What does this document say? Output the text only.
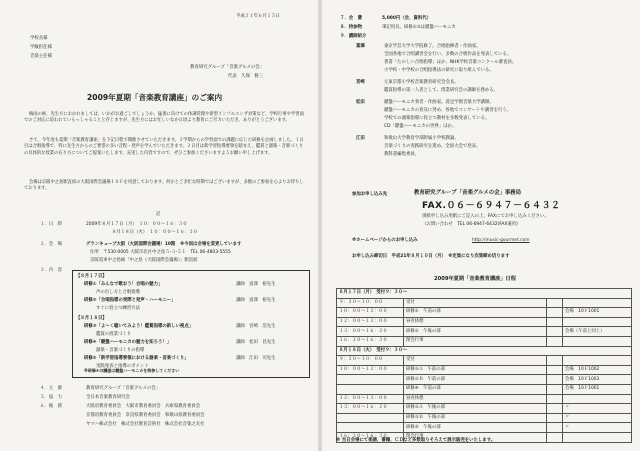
平成２１年６月１５日
学校長様
学級担任様
音楽主任様
教育研究グループ「音楽グルメの会」
代表　久保　修三
2009年夏期「音楽教育講座」のご案内
梅雨の候、先生方におかれましては、いかがお過ごしでしょうか。猛暑に向けての体調管理や新型インフルエンザ対策など、学校行事や学習面でのご対応に追われていらっしゃることと存じますが、先生方にはお忙しいなか日頃より教育にご尽力いただき、ありがとうございます。
さて、今年度も夏期「音楽教育講座」を下記日程で開催させていただきます。２学期からの学習面での課題に応じた研修を企画しました。１日目は合唱指導で、特に先生方からのご要望の多い音程・発声を学んでいただきます。２日目は新学習指導要領を踏まえ、鑑賞と器楽・音楽づくりの具体的な授業の在り方についてご提案いたします。充実した内容ですので、ぜひご参加くださいますようお願い申し上げます。
会場は京阪中之島駅直結の大阪国際会議場１０Ｆを用意しております。何かとご多忙な時期ではございますが、多数のご参加を心よりお待ちしております。
記
１．日　時	2009年８月１７日（月）　１０：００～１６：３０
８月１８日（火）　１０：００～１６：３０
２．会　場	グランキューブ大阪（大阪国際会議場）10階 ※今回は会場を変更しています
住所　〒530-0005 大阪市北区中之島５-３-５１　TEL 06-4803-5555
京阪電車中之島線「中之島（大阪国際会議場）」駅直結
３．内　容
【８月１７日】
研修①「みんなで歌おう！合唱の魅力」
声の出し方と合唱指導
講師　富澤　裕先生
研修②「合唱指導の実際と発声・ハーモニー」
すぐに役立つ練習方法
講師　富澤　裕先生
【８月１８日】
研修③「よ～く聴いてみよう！鑑賞指導の新しい視点」
鑑賞の授業づくり
講師　宮崎　浩先生
研修④「鍵盤ハーモニカの魅力を知ろう！」
器楽・音楽づくりの指導
講師　松田　昌先生
研修⑤「新学習指導要領における器楽・音楽づくり」	講師　江田　司先生
実践発表と指導のポイント
※研修④の講座は鍵盤ハーモニカを持参してください
４．主　催	教育研究グループ「音楽グルメの会」
５．協　力	全日本音楽教育研究会
６．後　援	大阪府教育委員会　大阪市教育委員会　兵庫県教育委員会
京都府教育委員会　奈良県教育委員会　和歌山県教育委員会
ヤマハ株式会社　株式会社教育芸術社　株式会社音楽之友社
７．会　費	5,000円（会、資料代）
８．持参物	筆記用具、研修②③は鍵盤ハーモニカ
９．講師紹介
富澤	東京学芸大学大学院修了。合唱指揮者・作曲家。
全国各地で合唱講習会を行い、多数の合唱作品を発表している。
著書「たのしい合唱指導」ほか、NHK学校音楽コンクール審査員。
小学校・中学校の合唱指導法の研究に取り組んでいる。
宮崎	元東京都小学校音楽教育研究会会長。
鑑賞指導の第一人者として、授業研究会の講師を務める。
松田	鍵盤ハーモニカ奏者・作曲家。洗足学園音楽大学講師。
鍵盤ハーモニカの普及に努め、各地でコンサートや講習を行う。
学校での器楽指導に役立つ教材を多数発表している。
CD「鍵盤ハーモニカの世界」ほか。
江田	和歌山大学教育学部附属小学校教諭。
音楽づくりの実践研究を進め、全国大会で発表。
教科書編集委員。
参加お申し込み先	教育研究グループ「音楽グルメの会」事務局
FAX.０６－６９４７－６４３２
別紙申し込み用紙にご記入の上、FAXにてお申し込みください。
（お問い合わせ　TEL 06-6947-6432(FAX兼用)
※ホームページからのお申し込み	http://music-gourmet.com
お申し込み締切日　平成21年８月１０日（月）　※定員になり次第締め切ります
2009年夏期「音楽教育講座」日程
８月１７日（月）　受付９：３０～			
９：３０～１０：００	受付		
１０：００～１２：００	研修①　午前の部		会場　10Ｆ1001
１２：００～１３：００	昼食休憩		
１３：００～１６：２０	研修②　午後の部		会場（午前と同じ）
１６：２０～１６：３０	閉会行事		
８月１８日（火）　受付９：３０～			
９：３０～１０：００	受付		
１０：００～１２：００	研修③Ａ　午前の部		会場　10Ｆ1002
	研修③Ｂ　午前の部		会場　10Ｆ1003
	研修④　午前の部		会場　10Ｆ1001
１２：００～１３：００	昼食休憩		
１３：００～１６：２０	研修③Ａ　午後の部		〃
	研修③Ｂ　午後の部		〃
	研修⑤　午後の部		〃
１６：２０～１６：３０	閉会行事		
※ 当日会場にて楽譜、書籍、ＣＤなど多数取りそろえて展示販売をいたします。
